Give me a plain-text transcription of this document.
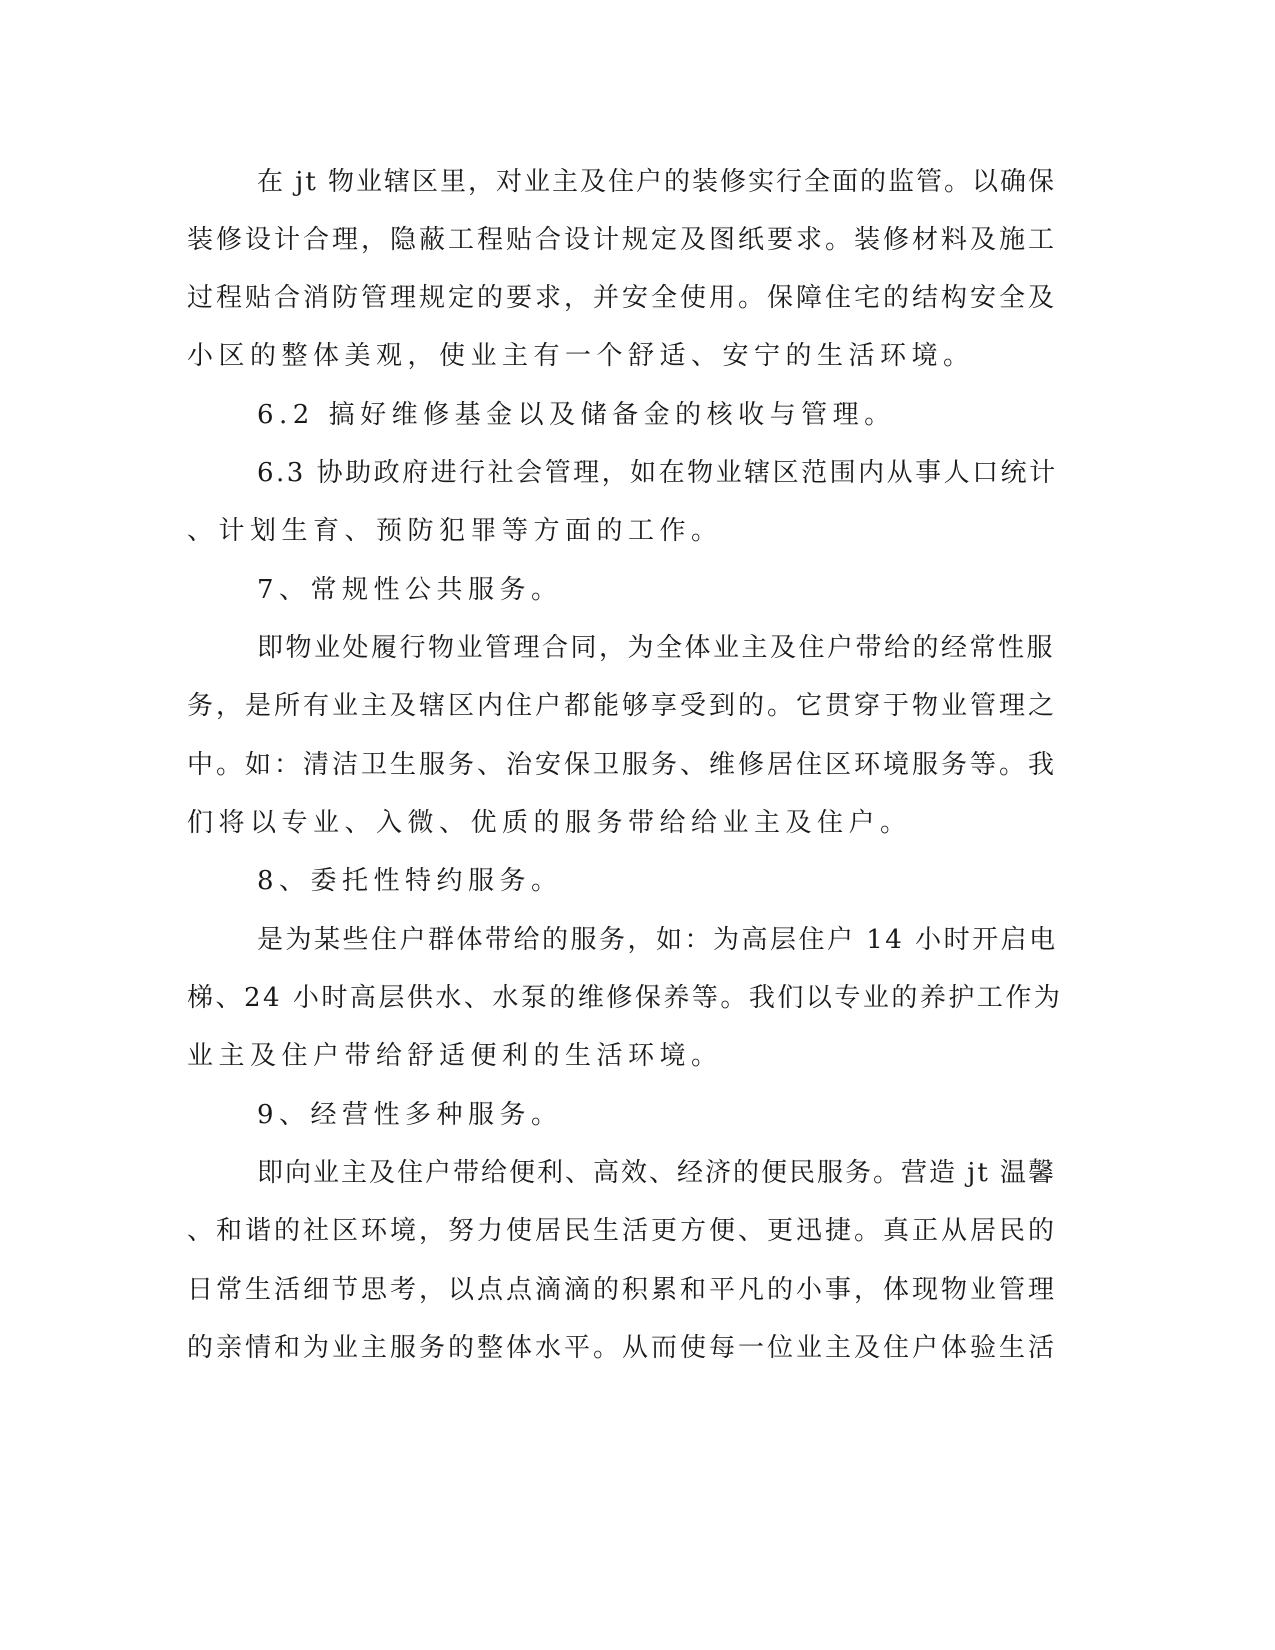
在 jt 物业辖区里，对业主及住户的装修实行全面的监管。以确保
装修设计合理，隐蔽工程贴合设计规定及图纸要求。装修材料及施工
过程贴合消防管理规定的要求，并安全使用。保障住宅的结构安全及
小区的整体美观，使业主有一个舒适、安宁的生活环境。
6.2 搞好维修基金以及储备金的核收与管理。
6.3 协助政府进行社会管理，如在物业辖区范围内从事人口统计
、计划生育、预防犯罪等方面的工作。
7、常规性公共服务。
即物业处履行物业管理合同，为全体业主及住户带给的经常性服
务，是所有业主及辖区内住户都能够享受到的。它贯穿于物业管理之
中。如：清洁卫生服务、治安保卫服务、维修居住区环境服务等。我
们将以专业、入微、优质的服务带给给业主及住户。
8、委托性特约服务。
是为某些住户群体带给的服务，如：为高层住户 14 小时开启电
梯、24 小时高层供水、水泵的维修保养等。我们以专业的养护工作为
业主及住户带给舒适便利的生活环境。
9、经营性多种服务。
即向业主及住户带给便利、高效、经济的便民服务。营造 jt 温馨
、和谐的社区环境，努力使居民生活更方便、更迅捷。真正从居民的
日常生活细节思考，以点点滴滴的积累和平凡的小事，体现物业管理
的亲情和为业主服务的整体水平。从而使每一位业主及住户体验生活
